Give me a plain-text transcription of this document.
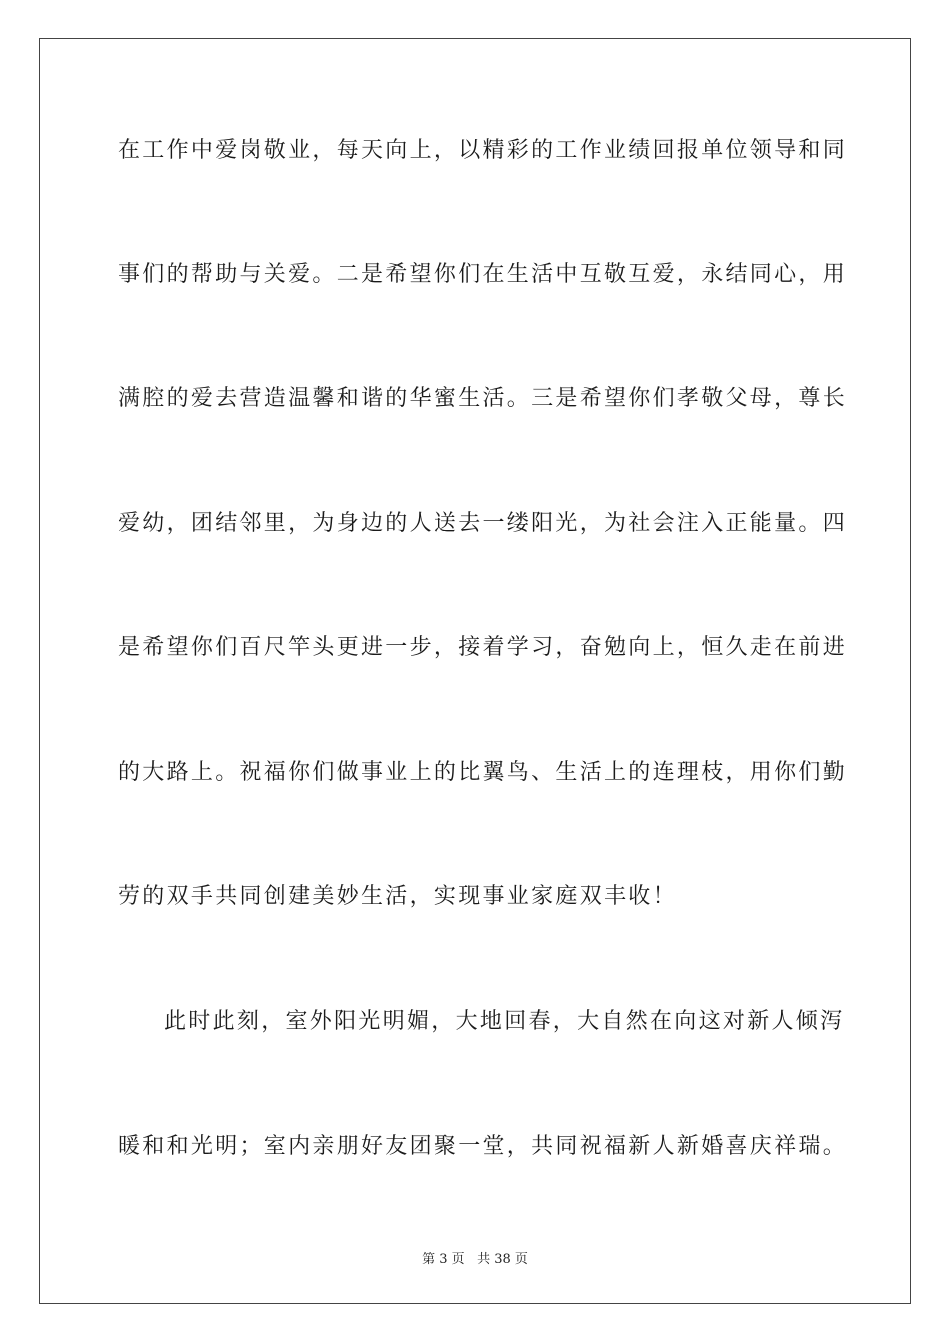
在工作中爱岗敬业，每天向上，以精彩的工作业绩回报单位领导和同
事们的帮助与关爱。二是希望你们在生活中互敬互爱，永结同心，用
满腔的爱去营造温馨和谐的华蜜生活。三是希望你们孝敬父母，尊长
爱幼，团结邻里，为身边的人送去一缕阳光，为社会注入正能量。四
是希望你们百尺竿头更进一步，接着学习，奋勉向上，恒久走在前进
的大路上。祝福你们做事业上的比翼鸟、生活上的连理枝，用你们勤
劳的双手共同创建美妙生活，实现事业家庭双丰收！
此时此刻，室外阳光明媚，大地回春，大自然在向这对新人倾泻
暖和和光明；室内亲朋好友团聚一堂，共同祝福新人新婚喜庆祥瑞。
第 3 页 共 38 页
